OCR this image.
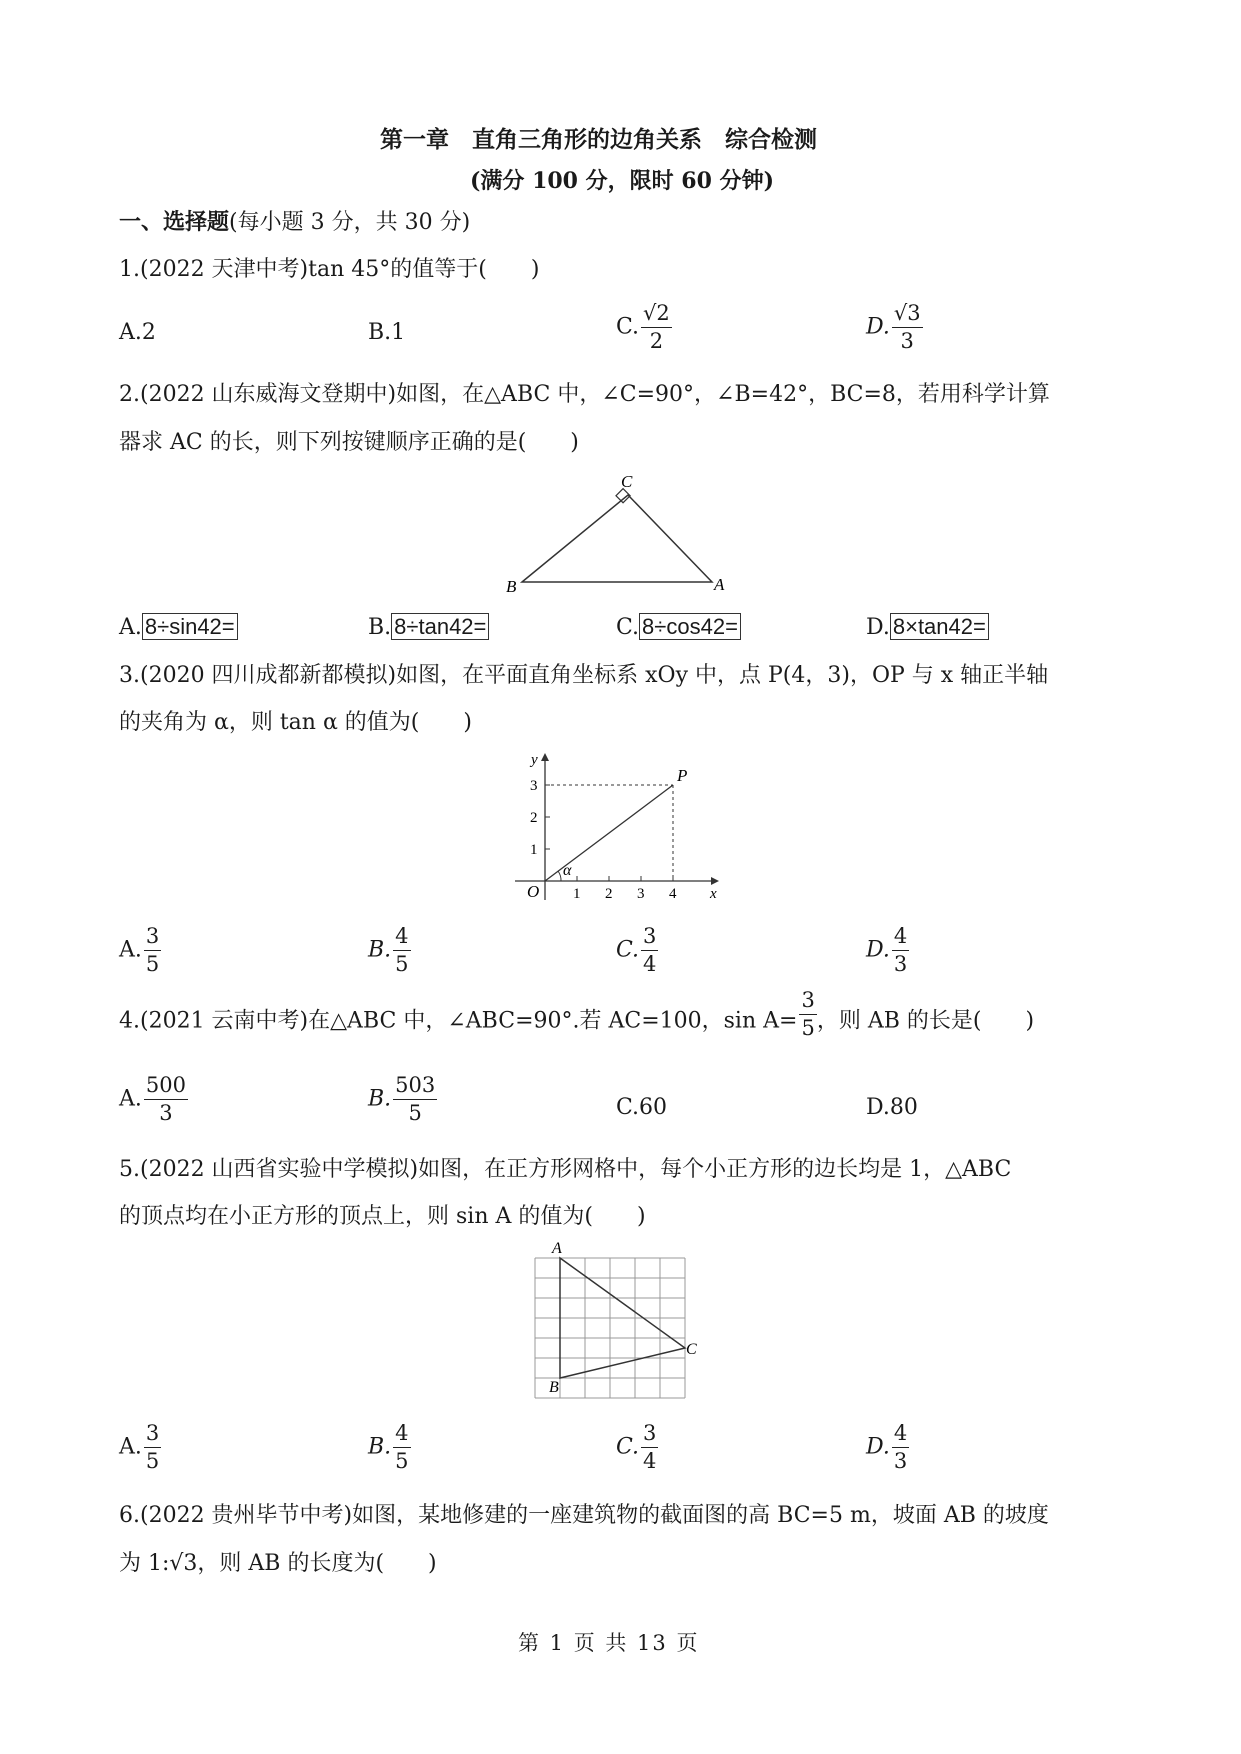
第一章　直角三角形的边角关系　综合检测
(满分 100 分，限时 60 分钟)
一、选择题(每小题 3 分，共 30 分)
1.(2022 天津中考)tan 45°的值等于(　　)
A.2	B.1	C. $\frac{√2}{2}$	D. $\frac{√3}{3}$
2.(2022 山东威海文登期中)如图，在△ABC 中，∠C=90°，∠B=42°，BC=8，若用科学计算
器求 AC 的长，则下列按键顺序正确的是(　　)
C
B	A
A. 8÷sin42=	B. 8÷tan42=	C. 8÷cos42=	D. 8×tan42=
3.(2020 四川成都新都模拟)如图，在平面直角坐标系 xOy 中，点 P(4，3)，OP 与 x 轴正半轴
的夹角为 α，则 tan α 的值为(　　)
y
x
O
P
α
1
2
3
1 2 3 4
A. $\frac{3}{5}$	B. $\frac{4}{5}$	C. $\frac{3}{4}$	D. $\frac{4}{3}$
4.(2021 云南中考)在△ABC 中，∠ABC=90°.若 AC=100，$\sin A= \frac{3}{5}$ ，则 AB 的长是(　　)
A. $\frac{500}{3}$	B. $\frac{503}{5}$	C.60	D.80
5.(2022 山西省实验中学模拟)如图，在正方形网格中，每个小正方形的边长均是 1，△ABC
的顶点均在小正方形的顶点上，则 sin A 的值为(　　)
A
B
C
A. $\frac{3}{5}$	B. $\frac{4}{5}$	C. $\frac{3}{4}$	D. $\frac{4}{3}$
6.(2022 贵州毕节中考)如图，某地修建的一座建筑物的截面图的高 BC=5 m，坡面 AB 的坡度
为 1:√3，则 AB 的长度为(　　)
第 1 页 共 13 页
